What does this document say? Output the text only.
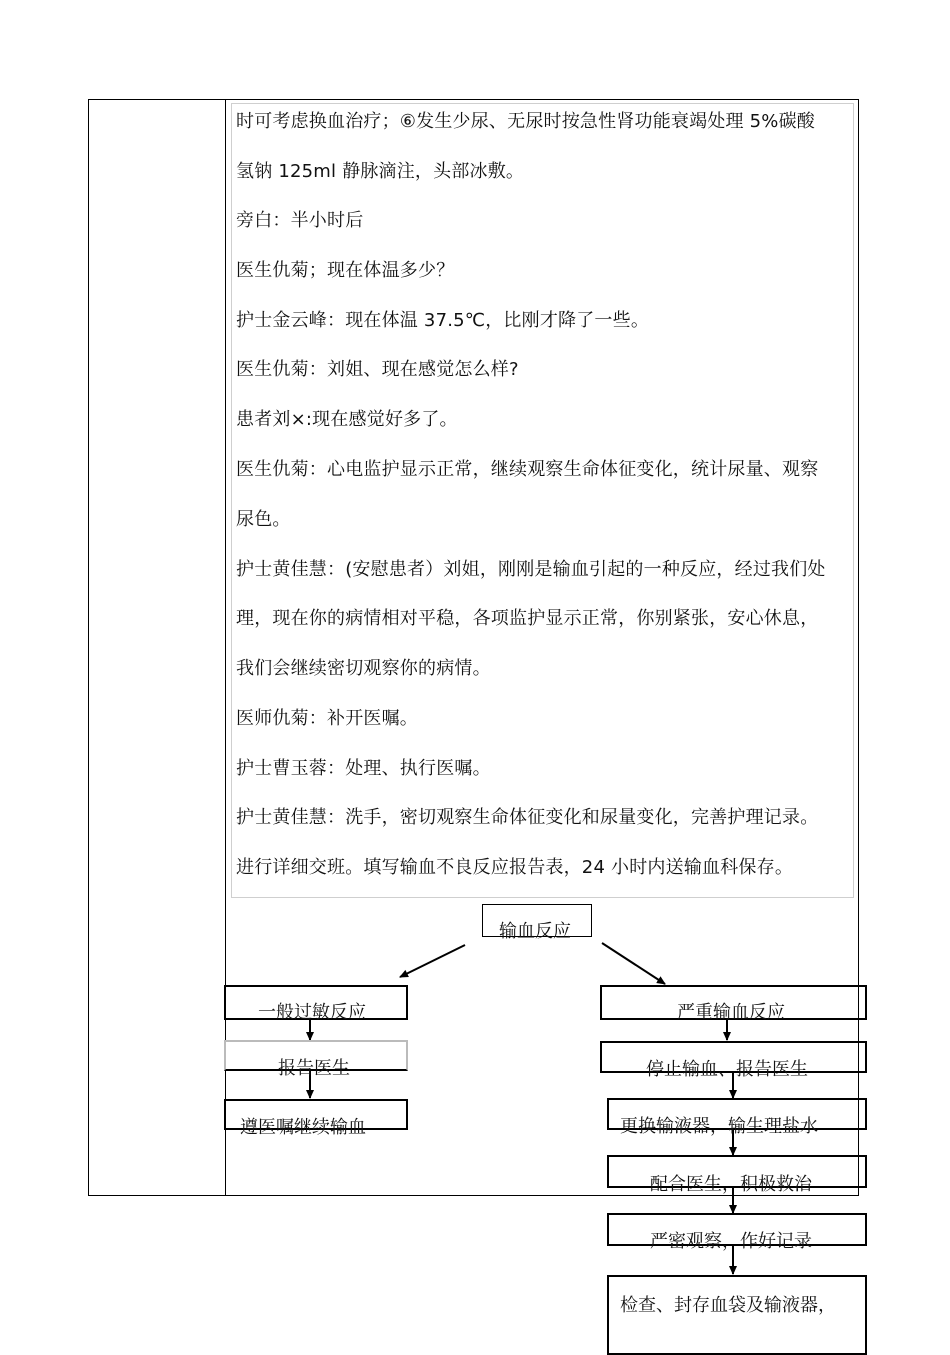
时可考虑换血治疗；⑥发生少尿、无尿时按急性肾功能衰竭处理 5%碳酸
氢钠 125ml 静脉滴注，头部冰敷。
旁白：半小时后
医生仇菊；现在体温多少？
护士金云峰：现在体温 37.5℃，比刚才降了一些。
医生仇菊：刘姐、现在感觉怎么样?
患者刘×:现在感觉好多了。
医生仇菊：心电监护显示正常，继续观察生命体征变化，统计尿量、观察
尿色。
护士黄佳慧：(安慰患者）刘姐，刚刚是输血引起的一种反应，经过我们处
理，现在你的病情相对平稳，各项监护显示正常，你别紧张，安心休息，
我们会继续密切观察你的病情。
医师仇菊：补开医嘱。
护士曹玉蓉：处理、执行医嘱。
护士黄佳慧：洗手，密切观察生命体征变化和尿量变化，完善护理记录。
进行详细交班。填写输血不良反应报告表，24 小时内送输血科保存。
输血反应
一般过敏反应
报告医生
遵医嘱继续输血
严重输血反应
停止输血、报告医生
更换输液器，输生理盐水
配合医生，积极救治
严密观察，作好记录
检查、封存血袋及输液器，
